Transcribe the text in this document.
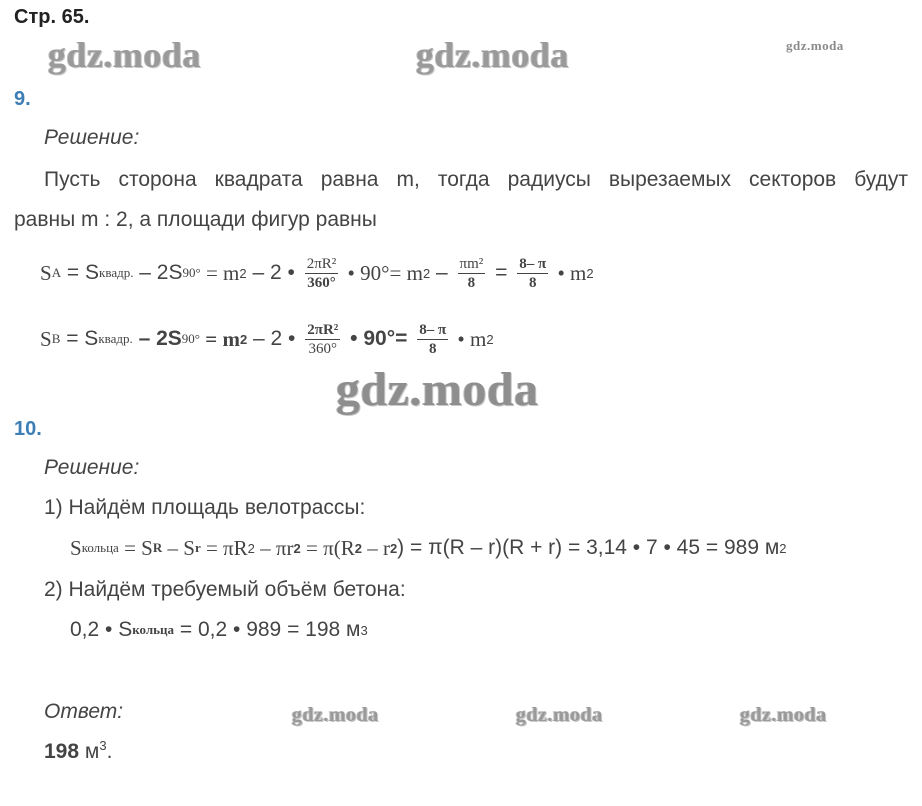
Стр. 65.
gdz.moda	gdz.moda	gdz.moda
9.
Решение:
Пусть сторона квадрата равна m, тогда радиусы вырезаемых секторов будут
равны m : 2, а площади фигур равны
S A = S квадр. – 2S 90° = m 2 – 2 • $\frac{\text{2πR²}}{360^\circ}$ • 90°= m $2 - \frac{\text{πm²}}{8} = \frac{8- \pi}{8}$ • m 2
S B = S квадр. – 2S 90° = m 2 – 2 • $\frac{\text{2πR²}}{360^\circ}$ • $90^\circ= \frac{8- \pi}{8}$ • m 2
gdz.moda
10.
Решение:
1) Найдём площадь велотрассы:
S кольца = S R – S r = πR 2 – πr 2 = π(R 2 – r 2 ) = π(R – r)(R + r) = 3,14 • 7 • 45 = 989 м 2
2) Найдём требуемый объём бетона:
0,2 • S кольца = 0,2 • 989 = 198 м 3
Ответ:	gdz.moda	gdz.moda	gdz.moda
198 $м^3$.
